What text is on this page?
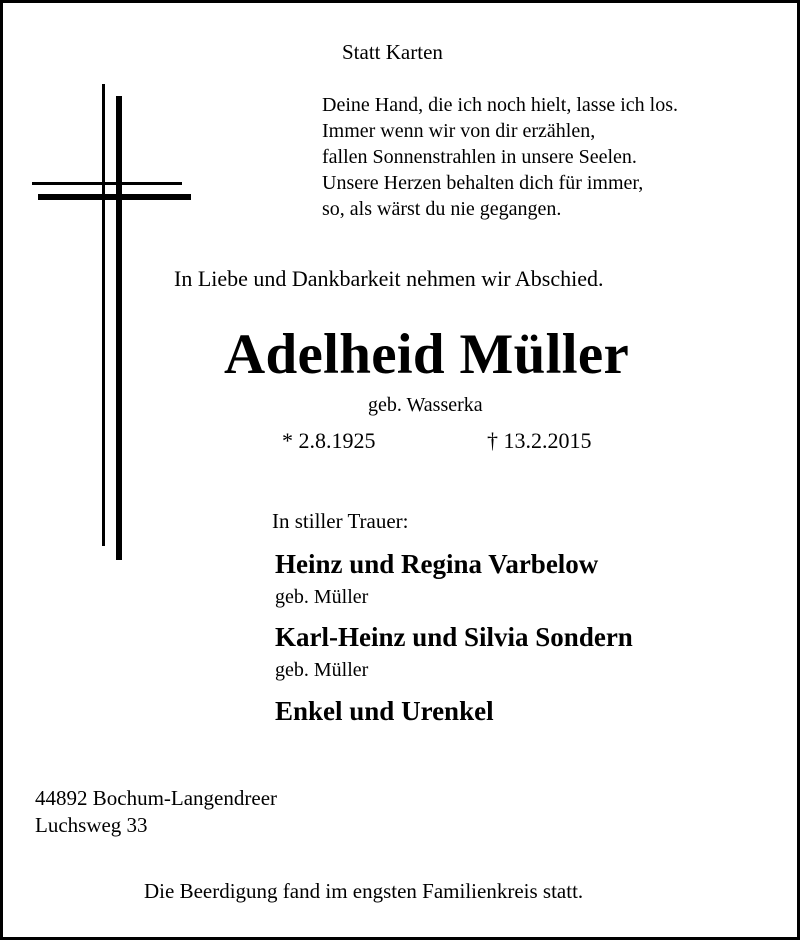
Statt Karten

Deine Hand, die ich noch hielt, lasse ich los.
Immer wenn wir von dir erzählen,
fallen Sonnenstrahlen in unsere Seelen.
Unsere Herzen behalten dich für immer,
so, als wärst du nie gegangen.

In Liebe und Dankbarkeit nehmen wir Abschied.

Adelheid Müller

geb. Wasserka

* 2.8.1925	† 13.2.2015

In stiller Trauer:

Heinz und Regina Varbelow

geb. Müller

Karl-Heinz und Silvia Sondern

geb. Müller

Enkel und Urenkel

44892 Bochum-Langendreer

Luchsweg 33

Die Beerdigung fand im engsten Familienkreis statt.
